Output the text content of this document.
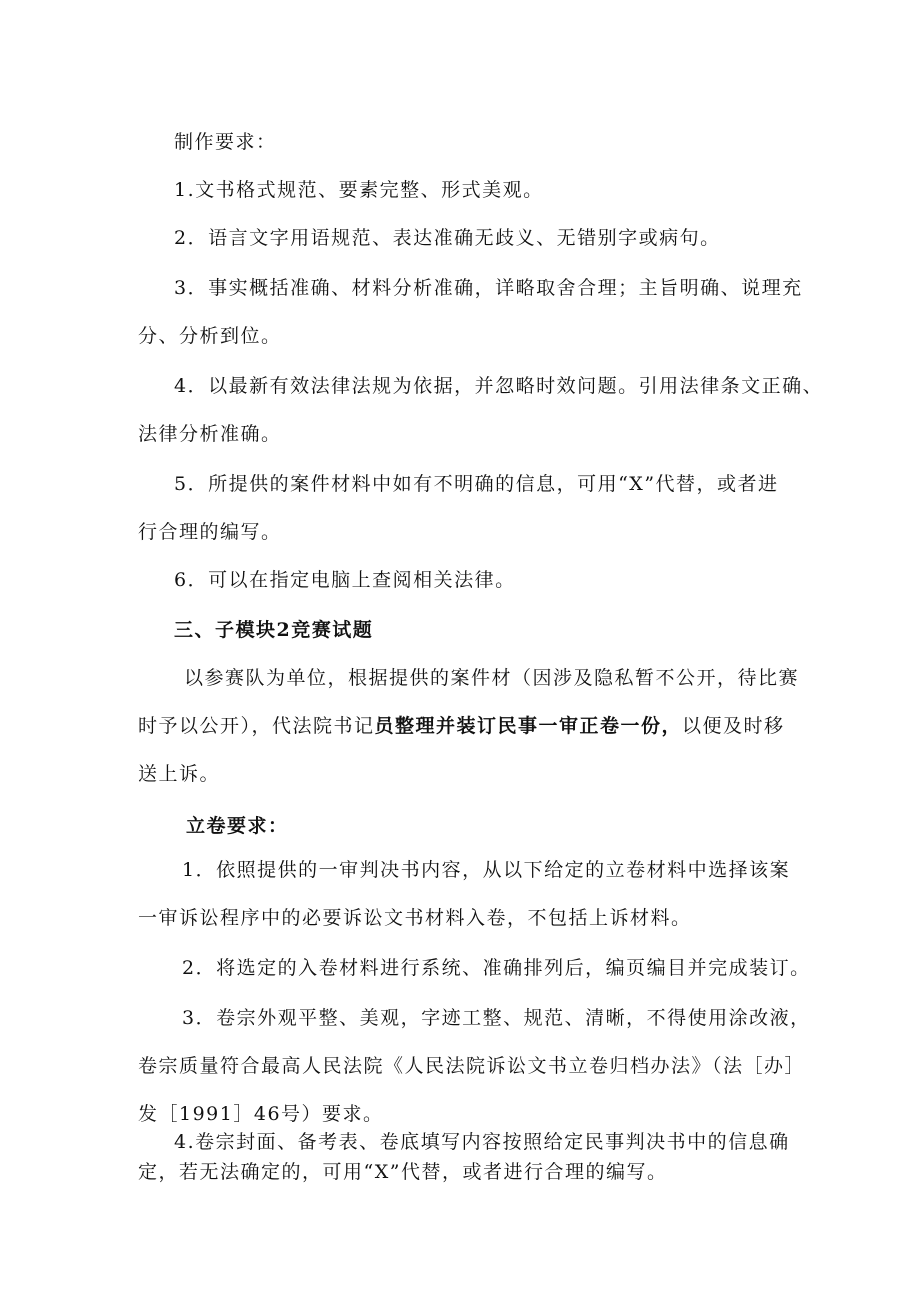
制作要求：
1.文书格式规范、要素完整、形式美观。
2．语言文字用语规范、表达准确无歧义、无错别字或病句。
3．事实概括准确、材料分析准确，详略取舍合理；主旨明确、说理充
分、分析到位。
4．以最新有效法律法规为依据，并忽略时效问题。引用法律条文正确、
法律分析准确。
5．所提供的案件材料中如有不明确的信息，可用“X”代替，或者进
行合理的编写。
6．可以在指定电脑上查阅相关法律。
三、子模块2竞赛试题
以参赛队为单位，根据提供的案件材（因涉及隐私暂不公开，待比赛
时予以公开），代法院书记员整理并装订民事一审正卷一份，以便及时移
送上诉。
立卷要求：
1．依照提供的一审判决书内容，从以下给定的立卷材料中选择该案
一审诉讼程序中的必要诉讼文书材料入卷，不包括上诉材料。
2．将选定的入卷材料进行系统、准确排列后，编页编目并完成装订。
3．卷宗外观平整、美观，字迹工整、规范、清晰，不得使用涂改液，
卷宗质量符合最高人民法院《人民法院诉讼文书立卷归档办法》（法［办］
发［1991］46号）要求。
4.卷宗封面、备考表、卷底填写内容按照给定民事判决书中的信息确
定，若无法确定的，可用“X”代替，或者进行合理的编写。
